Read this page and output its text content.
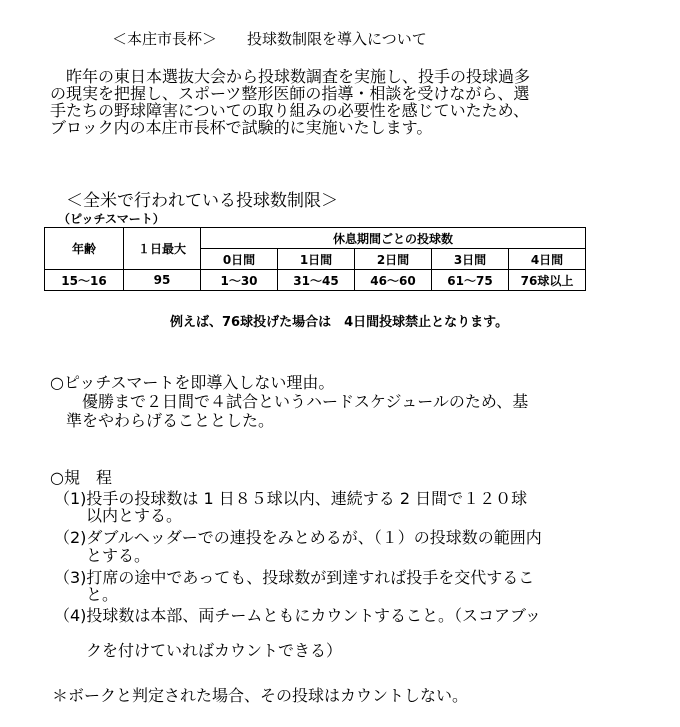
＜本庄市長杯＞　　投球数制限を導入について
　昨年の東日本選抜大会から投球数調査を実施し、投手の投球過多
の現実を把握し、スポーツ整形医師の指導・相談を受けながら、選
手たちの野球障害についての取り組みの必要性を感じていたため、
ブロック内の本庄市長杯で試験的に実施いたします。
＜全米で行われている投球数制限＞
（ピッチスマート）
年齢	１日最大	休息期間ごとの投球数				
		0日間	1日間	2日間	3日間	4日間
15～16	95	1～30	31～45	46～60	61～75	76球以上
例えば、76球投げた場合は　4日間投球禁止となります。
○ピッチスマートを即導入しない理由。
　　優勝まで２日間で４試合というハードスケジュールのため、基
　準をやわらげることとした。
○規　程
（1)投手の投球数は 1 日８５球以内、連続する 2 日間で１２０球
　　以内とする。
（2)ダブルヘッダーでの連投をみとめるが、（１）の投球数の範囲内
　　とする。
（3)打席の途中であっても、投球数が到達すれば投手を交代するこ
　　と。
（4)投球数は本部、両チームともにカウントすること。（スコアブッ
　　クを付けていればカウントできる）
＊ボークと判定された場合、その投球はカウントしない。
